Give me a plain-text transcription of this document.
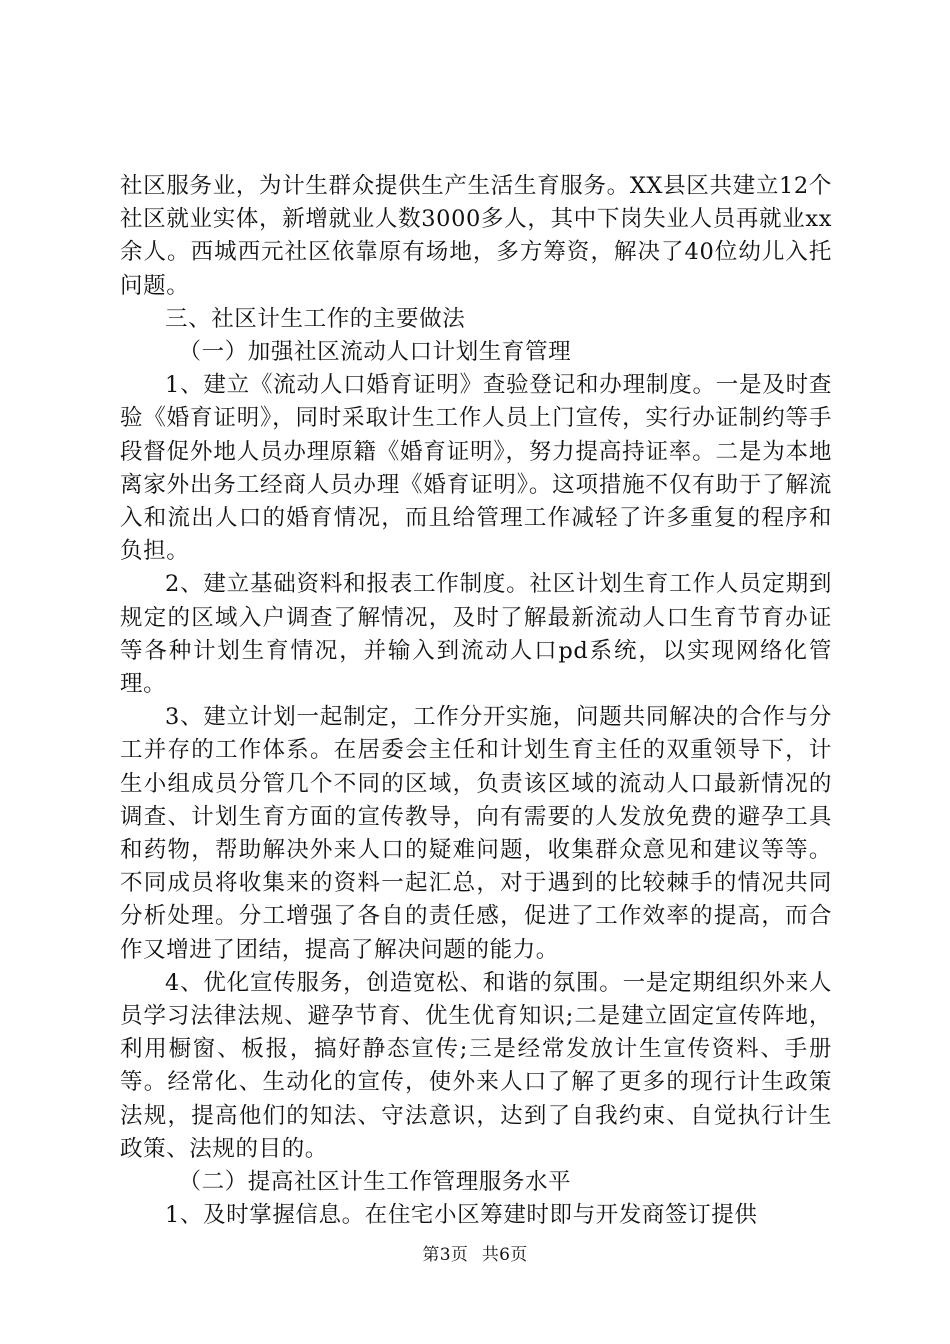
社区服务业，为计生群众提供生产生活生育服务。XX县区共建立12个社区就业实体，新增就业人数3000多人，其中下岗失业人员再就业xx余人。西城西元社区依靠原有场地，多方筹资，解决了40位幼儿入托问题。

三、社区计生工作的主要做法

（一）加强社区流动人口计划生育管理

1、建立《流动人口婚育证明》查验登记和办理制度。一是及时查验《婚育证明》，同时采取计生工作人员上门宣传，实行办证制约等手段督促外地人员办理原籍《婚育证明》，努力提高持证率。二是为本地离家外出务工经商人员办理《婚育证明》。这项措施不仅有助于了解流入和流出人口的婚育情况，而且给管理工作减轻了许多重复的程序和负担。

2、建立基础资料和报表工作制度。社区计划生育工作人员定期到规定的区域入户调查了解情况，及时了解最新流动人口生育节育办证等各种计划生育情况，并输入到流动人口pd系统，以实现网络化管理。

3、建立计划一起制定，工作分开实施，问题共同解决的合作与分工并存的工作体系。在居委会主任和计划生育主任的双重领导下，计生小组成员分管几个不同的区域，负责该区域的流动人口最新情况的调查、计划生育方面的宣传教导，向有需要的人发放免费的避孕工具和药物，帮助解决外来人口的疑难问题，收集群众意见和建议等等。不同成员将收集来的资料一起汇总，对于遇到的比较棘手的情况共同分析处理。分工增强了各自的责任感，促进了工作效率的提高，而合作又增进了团结，提高了解决问题的能力。

4、优化宣传服务，创造宽松、和谐的氛围。一是定期组织外来人员学习法律法规、避孕节育、优生优育知识;二是建立固定宣传阵地，利用橱窗、板报，搞好静态宣传;三是经常发放计生宣传资料、手册等。经常化、生动化的宣传，使外来人口了解了更多的现行计生政策法规，提高他们的知法、守法意识，达到了自我约束、自觉执行计生政策、法规的目的。

（二）提高社区计生工作管理服务水平

1、及时掌握信息。在住宅小区筹建时即与开发商签订提供

第3页 共6页
